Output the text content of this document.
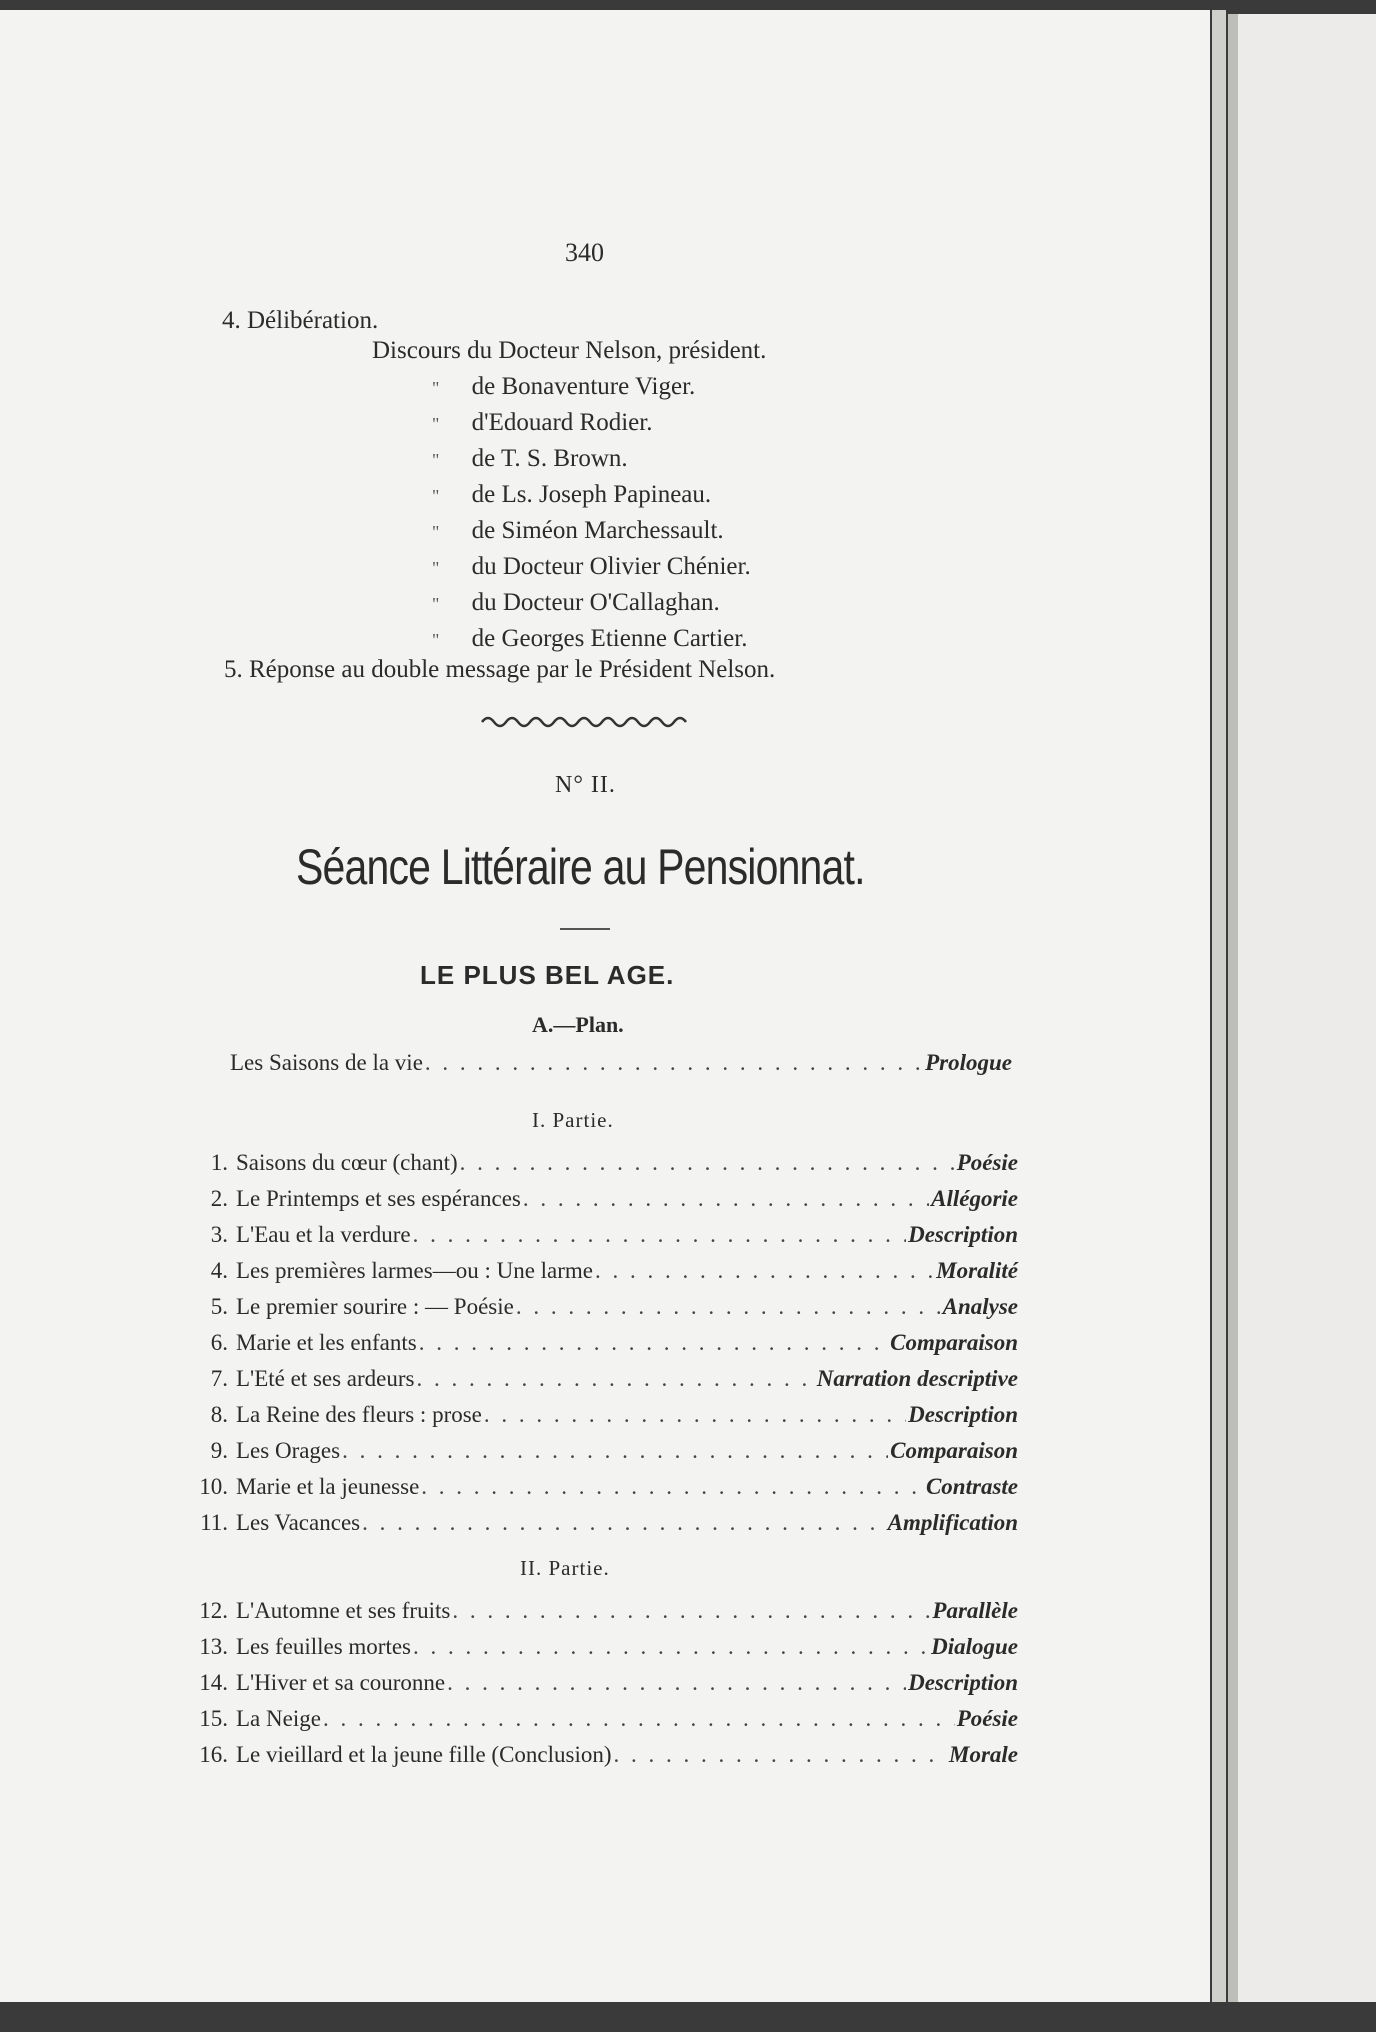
340
4. Délibération.
Discours du Docteur Nelson, président.
" de Bonaventure Viger.
" d'Edouard Rodier.
" de T. S. Brown.
" de Ls. Joseph Papineau.
" de Siméon Marchessault.
" du Docteur Olivier Chénier.
" du Docteur O'Callaghan.
" de Georges Etienne Cartier.
5. Réponse au double message par le Président Nelson.
N° II.
Séance Littéraire au Pensionnat.
LE PLUS BEL AGE.
A.—Plan.
Les Saisons de la vie . . .	Prologue
I. Partie.
1. Saisons du cœur (chant) . . .	Poésie
2. Le Printemps et ses espérances . . .	Allégorie
3. L'Eau et la verdure . . .	Description
4. Les premières larmes—ou : Une larme . . .	Moralité
5. Le premier sourire : — Poésie . . .	Analyse
6. Marie et les enfants . . .	Comparaison
7. L'Eté et ses ardeurs . . .	Narration descriptive
8. La Reine des fleurs : prose . . .	Description
9. Les Orages . . .	Comparaison
10. Marie et la jeunesse . . .	Contraste
11. Les Vacances . . .	Amplification
II. Partie.
12. L'Automne et ses fruits . . .	Parallèle
13. Les feuilles mortes . . .	Dialogue
14. L'Hiver et sa couronne . . .	Description
15. La Neige . . .	Poésie
16. Le vieillard et la jeune fille (Conclusion) . . .	Morale
